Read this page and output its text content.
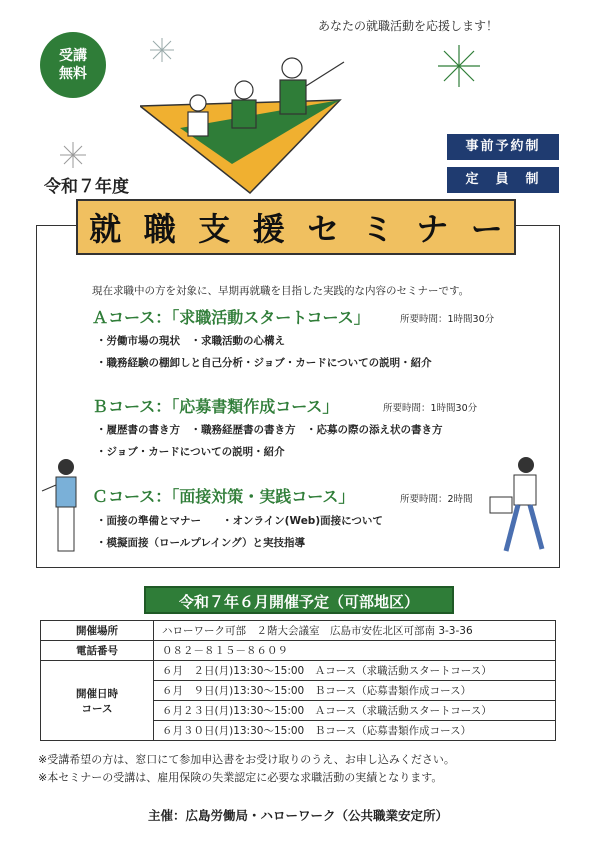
あなたの就職活動を応援します！
受講
無料
令和７年度
事前予約制
定　員　制
就 職 支 援 セ ミ ナ ー
現在求職中の方を対象に、早期再就職を目指した実践的な内容のセミナーです。
Ａコース：「求職活動スタートコース」	所要時間：1時間30分
・労働市場の現状　・求職活動の心構え
・職務経験の棚卸しと自己分析・ジョブ・カードについての説明・紹介
Ｂコース：「応募書類作成コース」	所要時間：1時間30分
・履歴書の書き方　・職務経歴書の書き方　・応募の際の添え状の書き方
・ジョブ・カードについての説明・紹介
Ｃコース：「面接対策・実践コース」	所要時間：2時間
・面接の準備とマナー　　・オンライン(Web)面接について
・模擬面接（ロールプレイング）と実技指導
令和７年６月開催予定（可部地区）
開催場所	ハローワーク可部　２階大会議室　広島市安佐北区可部南 3-3-36
電話番号	０８２－８１５－８６０９

開催日時
コース	６月　２日(月)13:30～15:00　Ａコース（求職活動スタートコース）
	６月　９日(月)13:30～15:00　Ｂコース（応募書類作成コース）
	６月２３日(月)13:30～15:00　Ａコース（求職活動スタートコース）
	６月３０日(月)13:30～15:00　Ｂコース（応募書類作成コース）
※受講希望の方は、窓口にて参加申込書をお受け取りのうえ、お申し込みください。
※本セミナーの受講は、雇用保険の失業認定に必要な求職活動の実績となります。
主催：広島労働局・ハローワーク（公共職業安定所）
